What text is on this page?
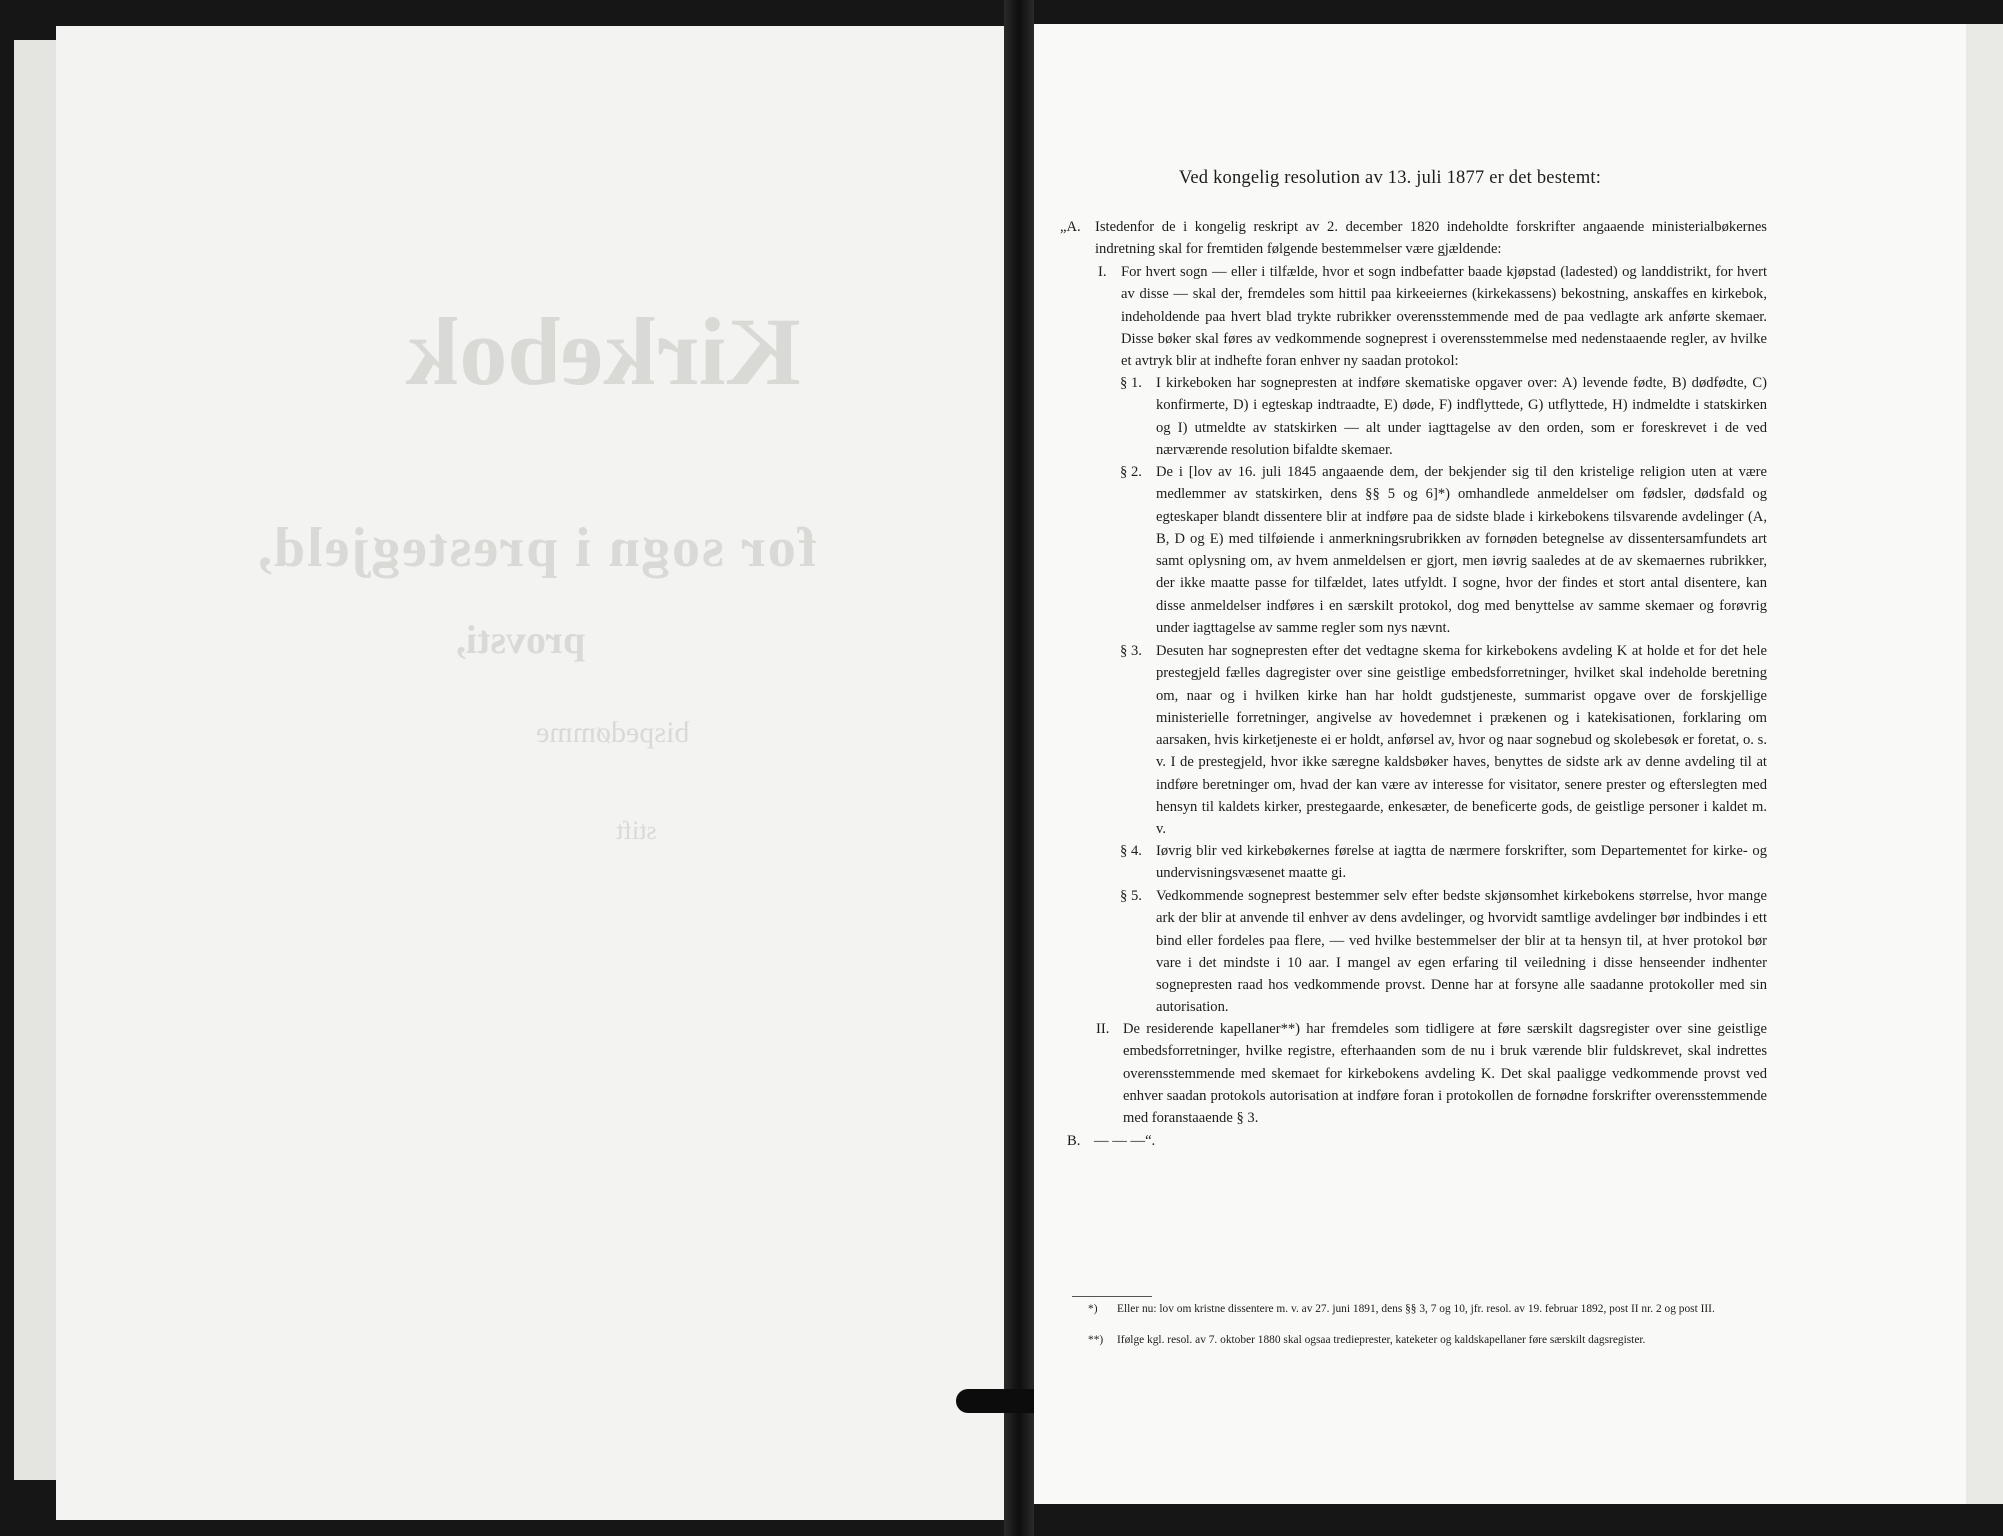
Kirkebok
for sogn i prestegjeld,
provsti,
bispedømme
stift
Ved kongelig resolution av 13. juli 1877 er det bestemt:
„A. Istedenfor de i kongelig reskript av 2. december 1820 indeholdte forskrifter angaaende ministerialbøkernes indretning skal for fremtiden følgende bestemmelser være gjældende:
I. For hvert sogn — eller i tilfælde, hvor et sogn indbefatter baade kjøpstad (ladested) og landdistrikt, for hvert av disse — skal der, fremdeles som hittil paa kirkeeiernes (kirkekassens) bekostning, anskaffes en kirkebok, indeholdende paa hvert blad trykte rubrikker overensstemmende med de paa vedlagte ark anførte skemaer. Disse bøker skal føres av vedkommende sogneprest i overensstemmelse med nedenstaaende regler, av hvilke et avtryk blir at indhefte foran enhver ny saadan protokol:
§ 1. I kirkeboken har sognepresten at indføre skematiske opgaver over: A) levende fødte, B) dødfødte, C) konfirmerte, D) i egteskap indtraadte, E) døde, F) indflyttede, G) utflyttede, H) indmeldte i statskirken og I) utmeldte av statskirken — alt under iagttagelse av den orden, som er foreskrevet i de ved nærværende resolution bifaldte skemaer.
§ 2. De i [lov av 16. juli 1845 angaaende dem, der bekjender sig til den kristelige religion uten at være medlemmer av statskirken, dens §§ 5 og 6]*) omhandlede anmeldelser om fødsler, dødsfald og egteskaper blandt dissentere blir at indføre paa de sidste blade i kirkebokens tilsvarende avdelinger (A, B, D og E) med tilføiende i anmerkningsrubrikken av fornøden betegnelse av dissentersamfundets art samt oplysning om, av hvem anmeldelsen er gjort, men iøvrig saaledes at de av skemaernes rubrikker, der ikke maatte passe for tilfældet, lates utfyldt. I sogne, hvor der findes et stort antal disentere, kan disse anmeldelser indføres i en særskilt protokol, dog med benyttelse av samme skemaer og forøvrig under iagttagelse av samme regler som nys nævnt.
§ 3. Desuten har sognepresten efter det vedtagne skema for kirkebokens avdeling K at holde et for det hele prestegjeld fælles dagregister over sine geistlige embedsforretninger, hvilket skal indeholde beretning om, naar og i hvilken kirke han har holdt gudstjeneste, summarist opgave over de forskjellige ministerielle forretninger, angivelse av hovedemnet i prækenen og i katekisationen, forklaring om aarsaken, hvis kirketjeneste ei er holdt, anførsel av, hvor og naar sognebud og skolebesøk er foretat, o. s. v. I de prestegjeld, hvor ikke særegne kaldsbøker haves, benyttes de sidste ark av denne avdeling til at indføre beretninger om, hvad der kan være av interesse for visitator, senere prester og efterslegten med hensyn til kaldets kirker, prestegaarde, enkesæter, de beneficerte gods, de geistlige personer i kaldet m. v.
§ 4. Iøvrig blir ved kirkebøkernes førelse at iagtta de nærmere forskrifter, som Departementet for kirke- og undervisningsvæsenet maatte gi.
§ 5. Vedkommende sogneprest bestemmer selv efter bedste skjønsomhet kirkebokens størrelse, hvor mange ark der blir at anvende til enhver av dens avdelinger, og hvorvidt samtlige avdelinger bør indbindes i ett bind eller fordeles paa flere, — ved hvilke bestemmelser der blir at ta hensyn til, at hver protokol bør vare i det mindste i 10 aar. I mangel av egen erfaring til veiledning i disse henseender indhenter sognepresten raad hos vedkommende provst. Denne har at forsyne alle saadanne protokoller med sin autorisation.
II. De residerende kapellaner**) har fremdeles som tidligere at føre særskilt dagsregister over sine geistlige embedsforretninger, hvilke registre, efterhaanden som de nu i bruk værende blir fuldskrevet, skal indrettes overensstemmende med skemaet for kirkebokens avdeling K. Det skal paaligge vedkommende provst ved enhver saadan protokols autorisation at indføre foran i protokollen de fornødne forskrifter overensstemmende med foranstaaende § 3.
B. — — —“.
*) Eller nu: lov om kristne dissentere m. v. av 27. juni 1891, dens §§ 3, 7 og 10, jfr. resol. av 19. februar 1892, post II nr. 2 og post III.
**) Ifølge kgl. resol. av 7. oktober 1880 skal ogsaa tredieprester, kateketer og kaldskapellaner føre særskilt dagsregister.
